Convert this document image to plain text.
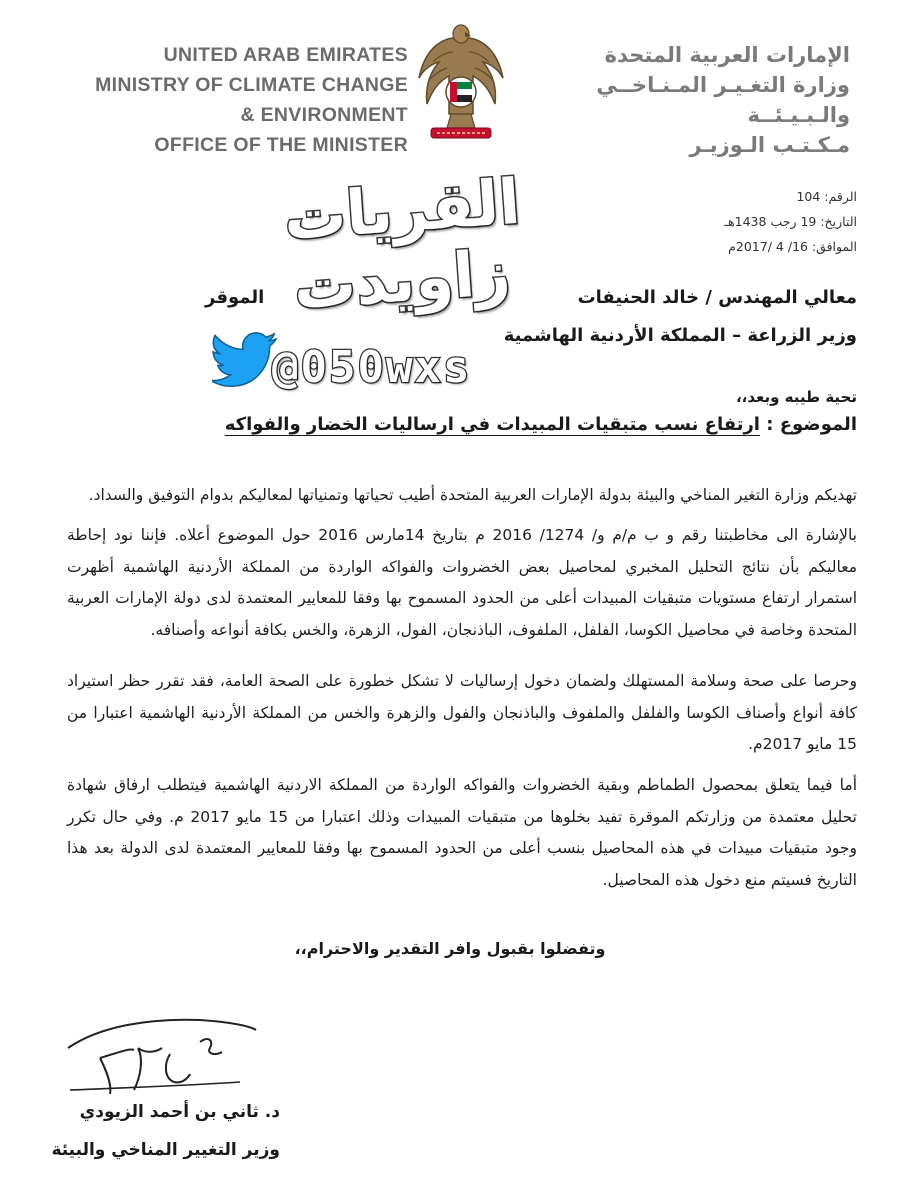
UNITED ARAB EMIRATES
MINISTRY OF CLIMATE CHANGE
& ENVIRONMENT
OFFICE OF THE MINISTER
الإمارات العربية المتحدة
وزارة التغـيـر المـنـاخــي
والـبـيـئــة
مـكـتـب الـوزيـر
الرقم: 104
التاريخ: 19 رجب 1438هـ
الموافق: 16/ 4 /2017م
معالي المهندس / خالد الحنيفات
الموقر
وزير الزراعة – المملكة الأردنية الهاشمية
القريات
زاويدت
@050wxs
تحية طيبه وبعد،،
الموضوع : ارتفاع نسب متبقيات المبيدات في ارساليات الخضار والفواكه
تهديكم وزارة التغير المناخي والبيئة بدولة الإمارات العربية المتحدة أطيب تحياتها وتمنياتها لمعاليكم بدوام التوفيق والسداد.
بالإشارة الى مخاطبتنا رقم و ب م/م و/ 1274/ 2016 م بتاريخ 14مارس 2016 حول الموضوع أعلاه. فإننا نود إحاطة معاليكم بأن نتائج التحليل المخبري لمحاصيل بعض الخضروات والفواكه الواردة من المملكة الأردنية الهاشمية أظهرت استمرار ارتفاع مستويات متبقيات المبيدات أعلى من الحدود المسموح بها وفقا للمعايير المعتمدة لدى دولة الإمارات العربية المتحدة وخاصة في محاصيل الكوسا، الفلفل، الملفوف، الباذنجان، الفول، الزهرة، والخس بكافة أنواعه وأصنافه.
وحرصا على صحة وسلامة المستهلك ولضمان دخول إرساليات لا تشكل خطورة على الصحة العامة، فقد تقرر حظر استيراد كافة أنواع وأصناف الكوسا والفلفل والملفوف والباذنجان والفول والزهرة والخس من المملكة الأردنية الهاشمية اعتبارا من 15 مايو 2017م.
أما فيما يتعلق بمحصول الطماطم وبقية الخضروات والفواكه الواردة من المملكة الاردنية الهاشمية فيتطلب ارفاق شهادة تحليل معتمدة من وزارتكم الموقرة تفيد بخلوها من متبقيات المبيدات وذلك اعتبارا من 15 مايو 2017 م. وفي حال تكرر وجود متبقيات مبيدات في هذه المحاصيل بنسب أعلى من الحدود المسموح بها وفقا للمعايير المعتمدة لدى الدولة بعد هذا التاريخ فسيتم منع دخول هذه المحاصيل.
وتفضلوا بقبول وافر التقدير والاحترام،،
د. ثاني بن أحمد الزيودي
وزير التغيير المناخي والبيئة
